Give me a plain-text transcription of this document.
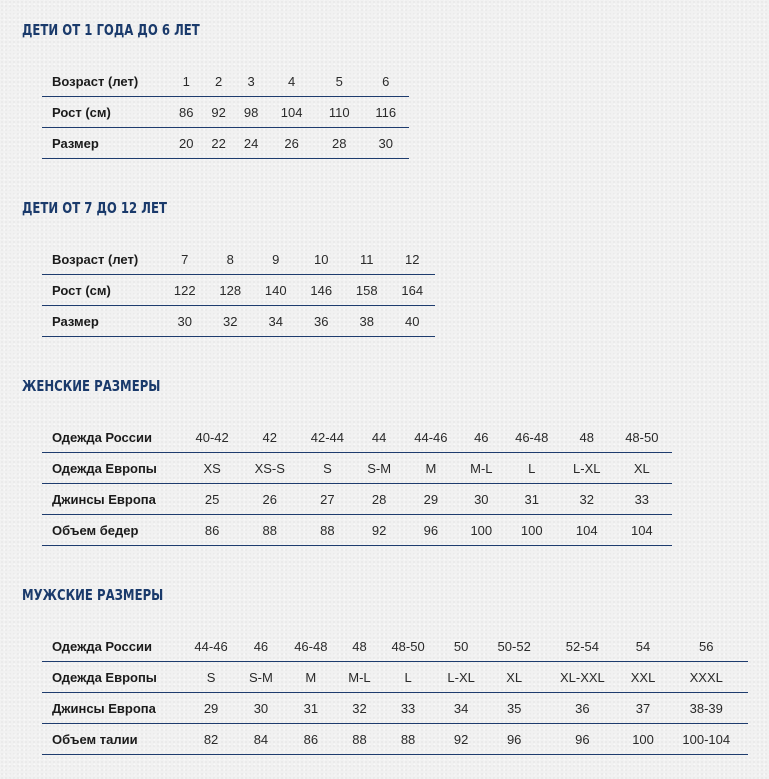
ДЕТИ ОТ 1 ГОДА ДО 6 ЛЕТ
Возраст (лет)	1	2	3	4	5	6
Рост (см)	86	92	98	104	110	116
Размер	20	22	24	26	28	30
ДЕТИ ОТ 7 ДО 12 ЛЕТ
Возраст (лет)	7	8	9	10	11	12
Рост (см)	122	128	140	146	158	164
Размер	30	32	34	36	38	40
ЖЕНСКИЕ РАЗМЕРЫ
Одежда России	40-42	42	42-44	44	44-46	46	46-48	48	48-50
Одежда Европы	XS	XS-S	S	S-M	M	M-L	L	L-XL	XL
Джинсы Европа	25	26	27	28	29	30	31	32	33
Объем бедер	86	88	88	92	96	100	100	104	104
МУЖСКИЕ РАЗМЕРЫ
Одежда России	44-46	46	46-48	48	48-50	50	50-52	52-54	54	56
Одежда Европы	S	S-M	M	M-L	L	L-XL	XL	XL-XXL	XXL	XXXL
Джинсы Европа	29	30	31	32	33	34	35	36	37	38-39
Объем талии	82	84	86	88	88	92	96	96	100	100-104
